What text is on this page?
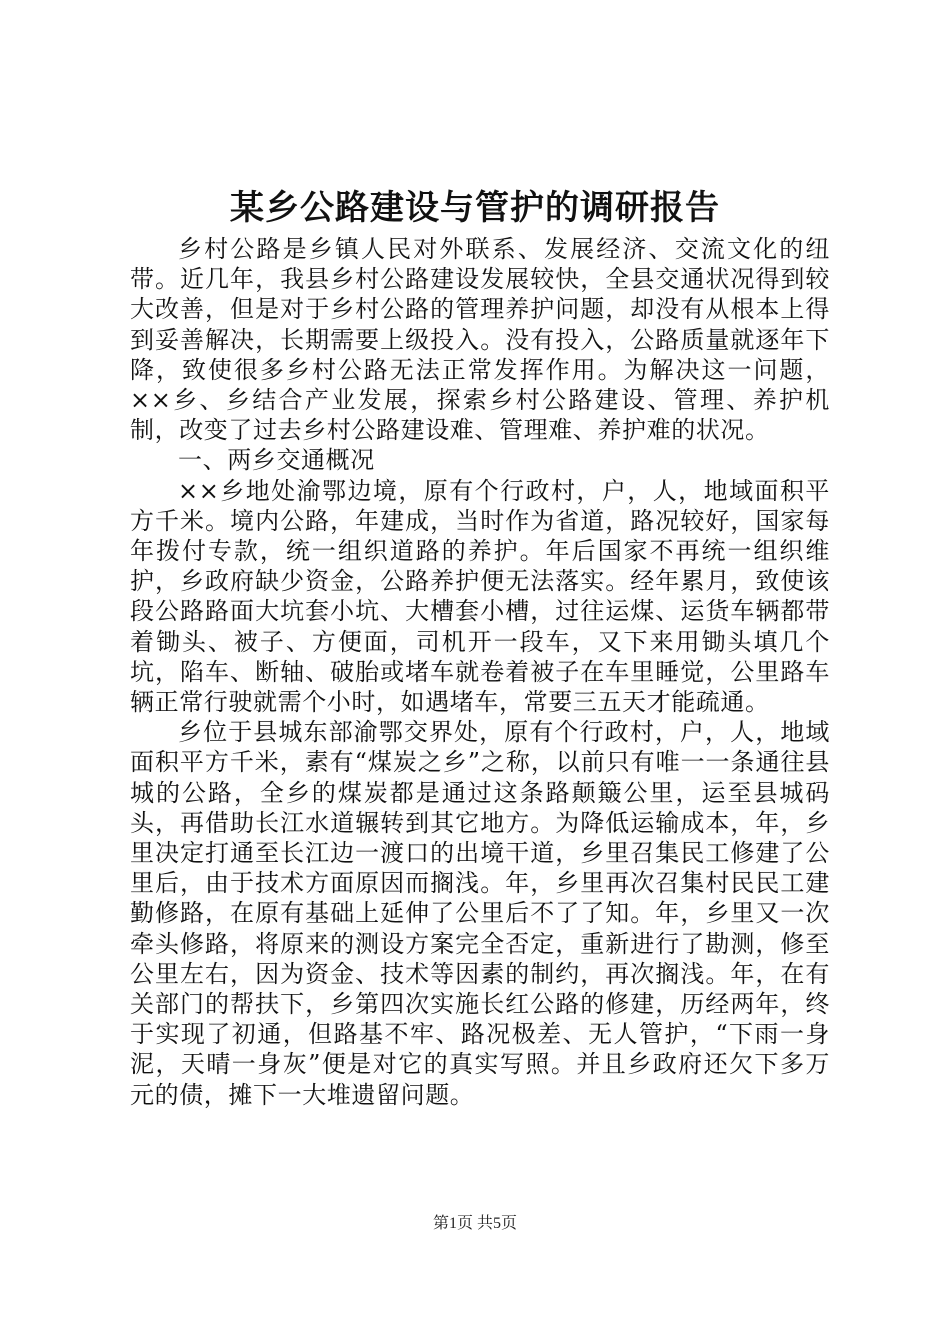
某乡公路建设与管护的调研报告

乡村公路是乡镇人民对外联系、发展经济、交流文化的纽带。近几年，我县乡村公路建设发展较快，全县交通状况得到较大改善，但是对于乡村公路的管理养护问题，却没有从根本上得到妥善解决，长期需要上级投入。没有投入，公路质量就逐年下降，致使很多乡村公路无法正常发挥作用。为解决这一问题，××乡、乡结合产业发展，探索乡村公路建设、管理、养护机制，改变了过去乡村公路建设难、管理难、养护难的状况。

一、两乡交通概况

××乡地处渝鄂边境，原有个行政村，户，人，地域面积平方千米。境内公路，年建成，当时作为省道，路况较好，国家每年拨付专款，统一组织道路的养护。年后国家不再统一组织维护，乡政府缺少资金，公路养护便无法落实。经年累月，致使该段公路路面大坑套小坑、大槽套小槽，过往运煤、运货车辆都带着锄头、被子、方便面，司机开一段车，又下来用锄头填几个坑，陷车、断轴、破胎或堵车就卷着被子在车里睡觉，公里路车辆正常行驶就需个小时，如遇堵车，常要三五天才能疏通。

乡位于县城东部渝鄂交界处，原有个行政村，户，人，地域面积平方千米，素有“煤炭之乡”之称，以前只有唯一一条通往县城的公路，全乡的煤炭都是通过这条路颠簸公里，运至县城码头，再借助长江水道辗转到其它地方。为降低运输成本，年，乡里决定打通至长江边一渡口的出境干道，乡里召集民工修建了公里后，由于技术方面原因而搁浅。年，乡里再次召集村民民工建勤修路，在原有基础上延伸了公里后不了了知。年，乡里又一次牵头修路，将原来的测设方案完全否定，重新进行了勘测，修至公里左右，因为资金、技术等因素的制约，再次搁浅。年，在有关部门的帮扶下，乡第四次实施长红公路的修建，历经两年，终于实现了初通，但路基不牢、路况极差、无人管护，“下雨一身泥，天晴一身灰”便是对它的真实写照。并且乡政府还欠下多万元的债，摊下一大堆遗留问题。

第1页 共5页
